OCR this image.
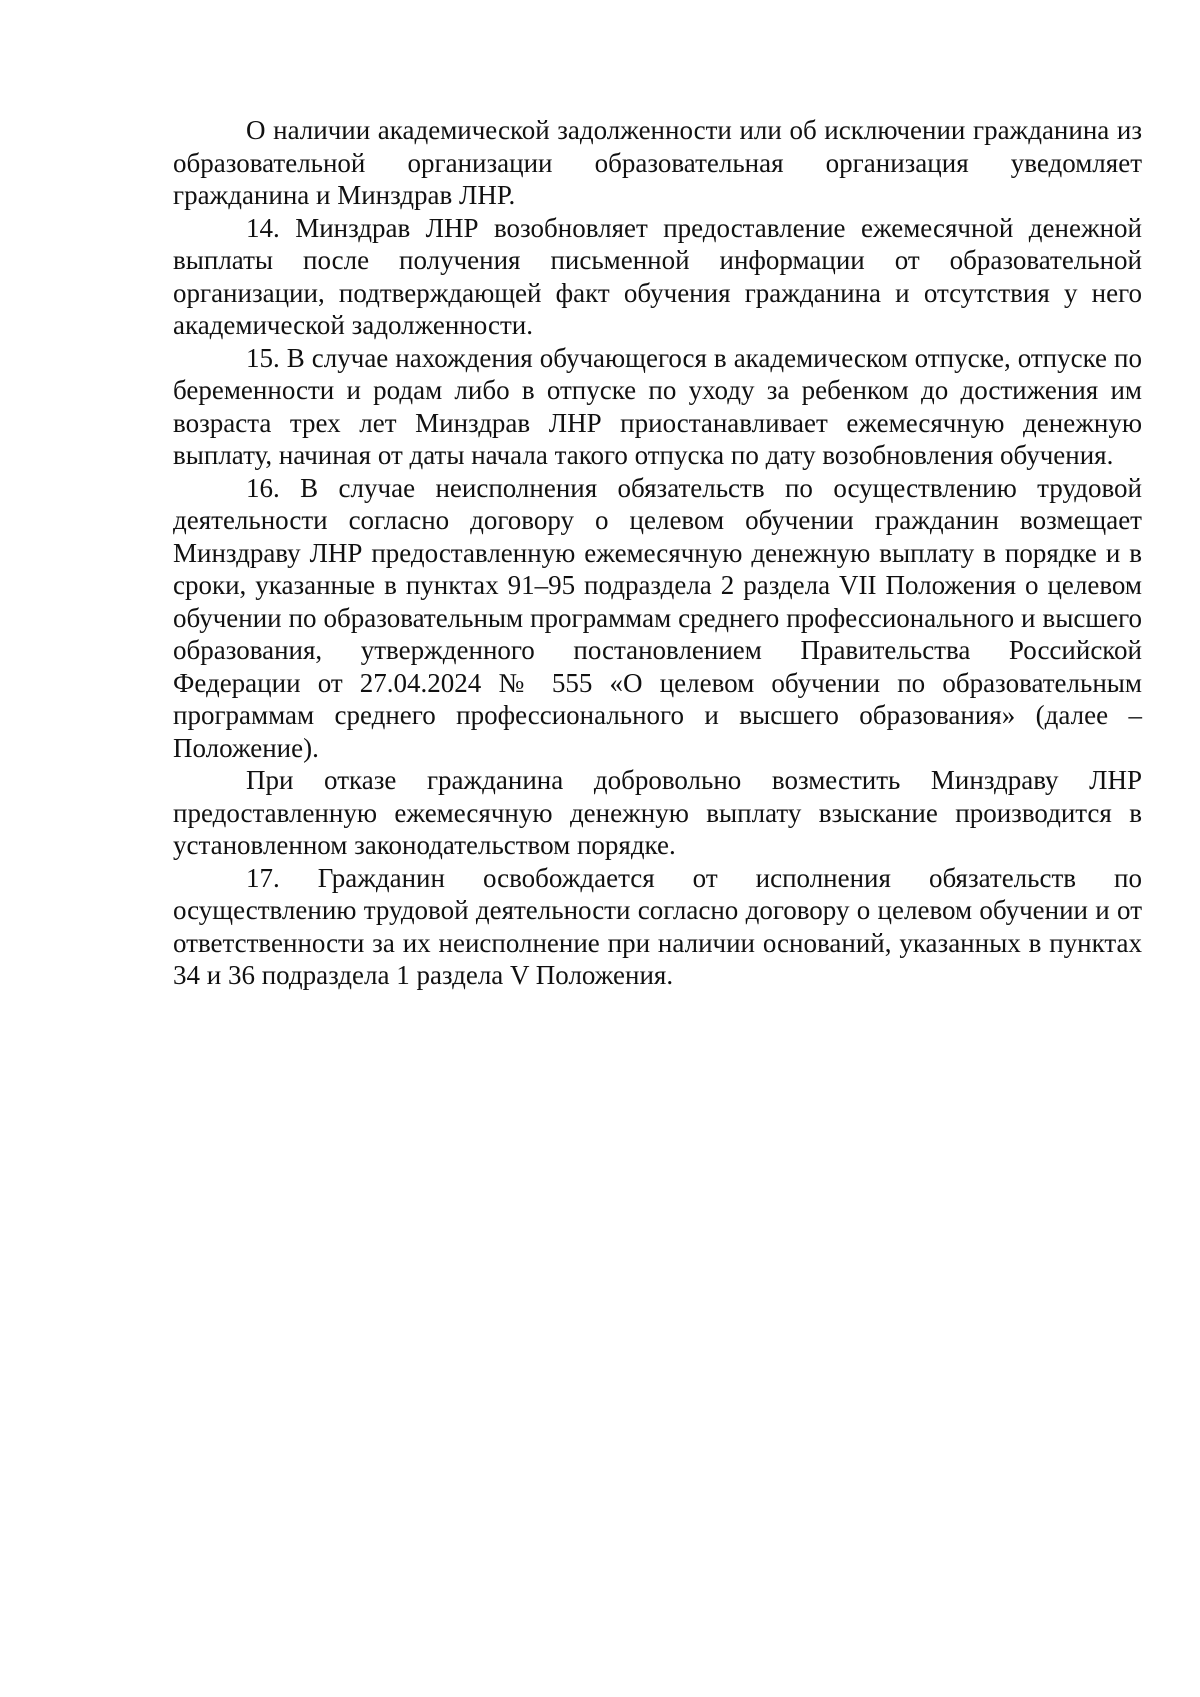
О наличии академической задолженности или об исключении гражданина из образовательной организации образовательная организация уведомляет гражданина и Минздрав ЛНР.

14. Минздрав ЛНР возобновляет предоставление ежемесячной денежной выплаты после получения письменной информации от образовательной организации, подтверждающей факт обучения гражданина и отсутствия у него академической задолженности.

15. В случае нахождения обучающегося в академическом отпуске, отпуске по беременности и родам либо в отпуске по уходу за ребенком до достижения им возраста трех лет Минздрав ЛНР приостанавливает ежемесячную денежную выплату, начиная от даты начала такого отпуска по дату возобновления обучения.

16. В случае неисполнения обязательств по осуществлению трудовой деятельности согласно договору о целевом обучении гражданин возмещает Минздраву ЛНР предоставленную ежемесячную денежную выплату в порядке и в сроки, указанные в пунктах 91–95 подраздела 2 раздела VII Положения о целевом обучении по образовательным программам среднего профессионального и высшего образования, утвержденного постановлением Правительства Российской Федерации от 27.04.2024 № 555 «О целевом обучении по образовательным программам среднего профессионального и высшего образования» (далее – Положение).

При отказе гражданина добровольно возместить Минздраву ЛНР предоставленную ежемесячную денежную выплату взыскание производится в установленном законодательством порядке.

17. Гражданин освобождается от исполнения обязательств по осуществлению трудовой деятельности согласно договору о целевом обучении и от ответственности за их неисполнение при наличии оснований, указанных в пунктах 34 и 36 подраздела 1 раздела V Положения.
